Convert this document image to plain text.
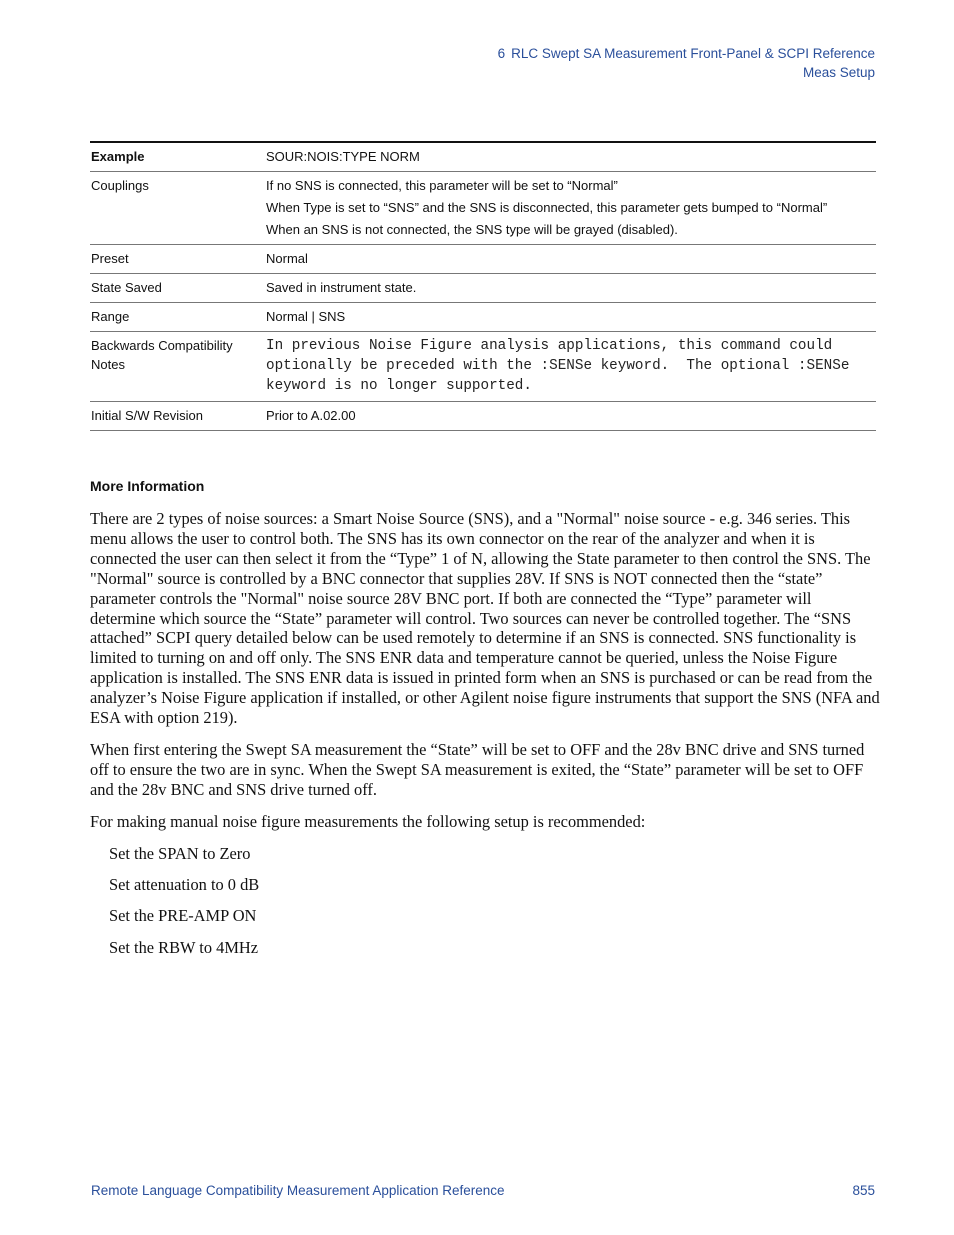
6 RLC Swept SA Measurement Front-Panel & SCPI Reference
Meas Setup
Example	SOUR:NOIS:TYPE NORM
Couplings	If no SNS is connected, this parameter will be set to “Normal”

When Type is set to “SNS” and the SNS is disconnected, this parameter gets bumped to “Normal”

When an SNS is not connected, the SNS type will be grayed (disabled).

Preset	Normal
State Saved	Saved in instrument state.
Range	Normal | SNS
Backwards Compatibility Notes	In previous Noise Figure analysis applications, this command could optionally be preceded with the :SENSe keyword.  The optional :SENSe keyword is no longer supported.

Initial S/W Revision	Prior to A.02.00
More Information

There are 2 types of noise sources: a Smart Noise Source (SNS), and a "Normal" noise source - e.g. 346 series. This menu allows the user to control both. The SNS has its own connector on the rear of the analyzer and when it is connected the user can then select it from the “Type” 1 of N, allowing the State parameter to then control the SNS. The "Normal" source is controlled by a BNC connector that supplies 28V. If SNS is NOT connected then the “state” parameter controls the "Normal" noise source 28V BNC port. If both are connected the “Type” parameter will determine which source the “State” parameter will control. Two sources can never be controlled together. The “SNS attached” SCPI query detailed below can be used remotely to determine if an SNS is connected. SNS functionality is limited to turning on and off only. The SNS ENR data and temperature cannot be queried, unless the Noise Figure application is installed. The SNS ENR data is issued in printed form when an SNS is purchased or can be read from the analyzer’s Noise Figure application if installed, or other Agilent noise figure instruments that support the SNS (NFA and ESA with option 219).

When first entering the Swept SA measurement the “State” will be set to OFF and the 28v BNC drive and SNS turned off to ensure the two are in sync. When the Swept SA measurement is exited, the “State” parameter will be set to OFF and the 28v BNC and SNS drive turned off.

For making manual noise figure measurements the following setup is recommended:

Set the SPAN to Zero
Set attenuation to 0 dB
Set the PRE-AMP ON
Set the RBW to 4MHz
Remote Language Compatibility Measurement Application Reference	855
